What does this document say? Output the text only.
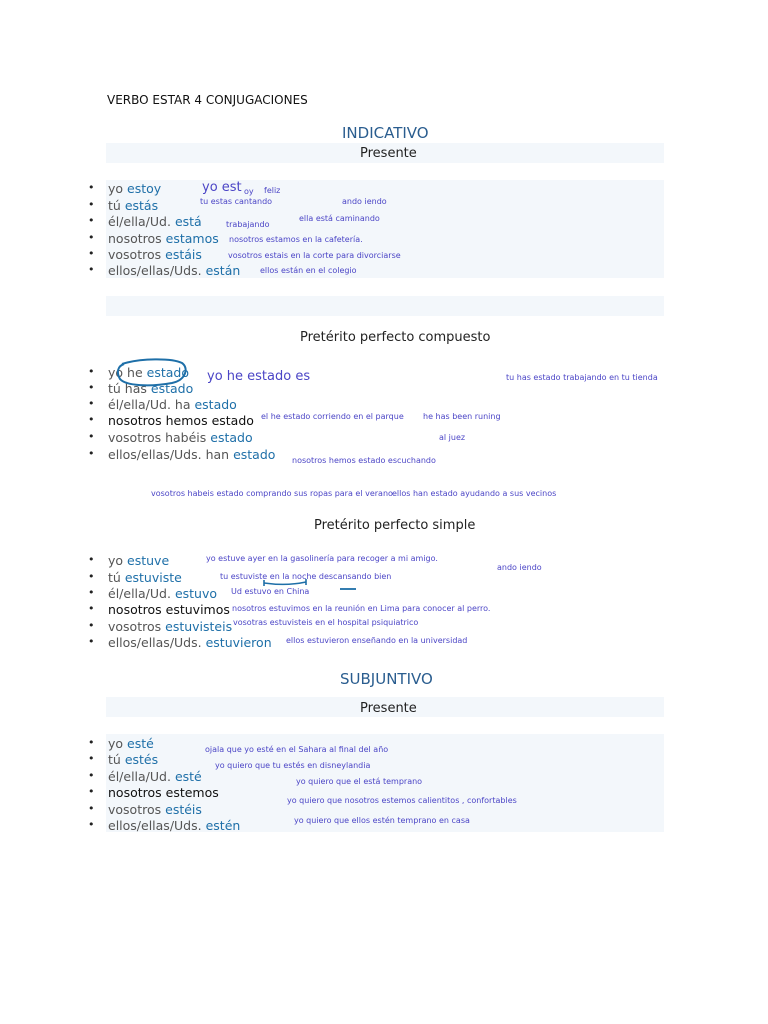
VERBO ESTAR 4 CONJUGACIONES
INDICATIVO
Presente
• yo estoy
• tú estás
• él/ella/Ud. está
• nosotros estamos
• vosotros estáis
• ellos/ellas/Uds. están
yo est oy feliz
tu estas cantando	ando iendo
trabajando
ella está caminando
nosotros estamos en la cafetería.
vosotros estais en la corte para divorciarse
ellos están en el colegio
Pretérito perfecto compuesto
• yo he estado
• tú has estado
• él/ella/Ud. ha estado
• nosotros hemos estado
• vosotros habéis estado
• ellos/ellas/Uds. han estado
yo he estado es	tu has estado trabajando en tu tienda
el he estado corriendo en el parque he has been runing
al juez
nosotros hemos estado escuchando
vosotros habeis estado comprando sus ropas para el verano ellos han estado ayudando a sus vecinos
Pretérito perfecto simple
• yo estuve
• tú estuviste
• él/ella/Ud. estuvo
• nosotros estuvimos
• vosotros estuvisteis
• ellos/ellas/Uds. estuvieron
yo estuve ayer en la gasolinería para recoger a mi amigo.
ando iendo
tu estuviste en la noche descansando bien
Ud estuvo en China
nosotros estuvimos en la reunión en Lima para conocer al perro.
vosotras estuvisteis en el hospital psiquiatrico
ellos estuvieron enseñando en la universidad
SUBJUNTIVO
Presente
• yo esté
• tú estés
• él/ella/Ud. esté
• nosotros estemos
• vosotros estéis
• ellos/ellas/Uds. estén
ojala que yo esté en el Sahara al final del año
yo quiero que tu estés en disneylandia
yo quiero que el está temprano
yo quiero que nosotros estemos calientitos , confortables
yo quiero que ellos estén temprano en casa
